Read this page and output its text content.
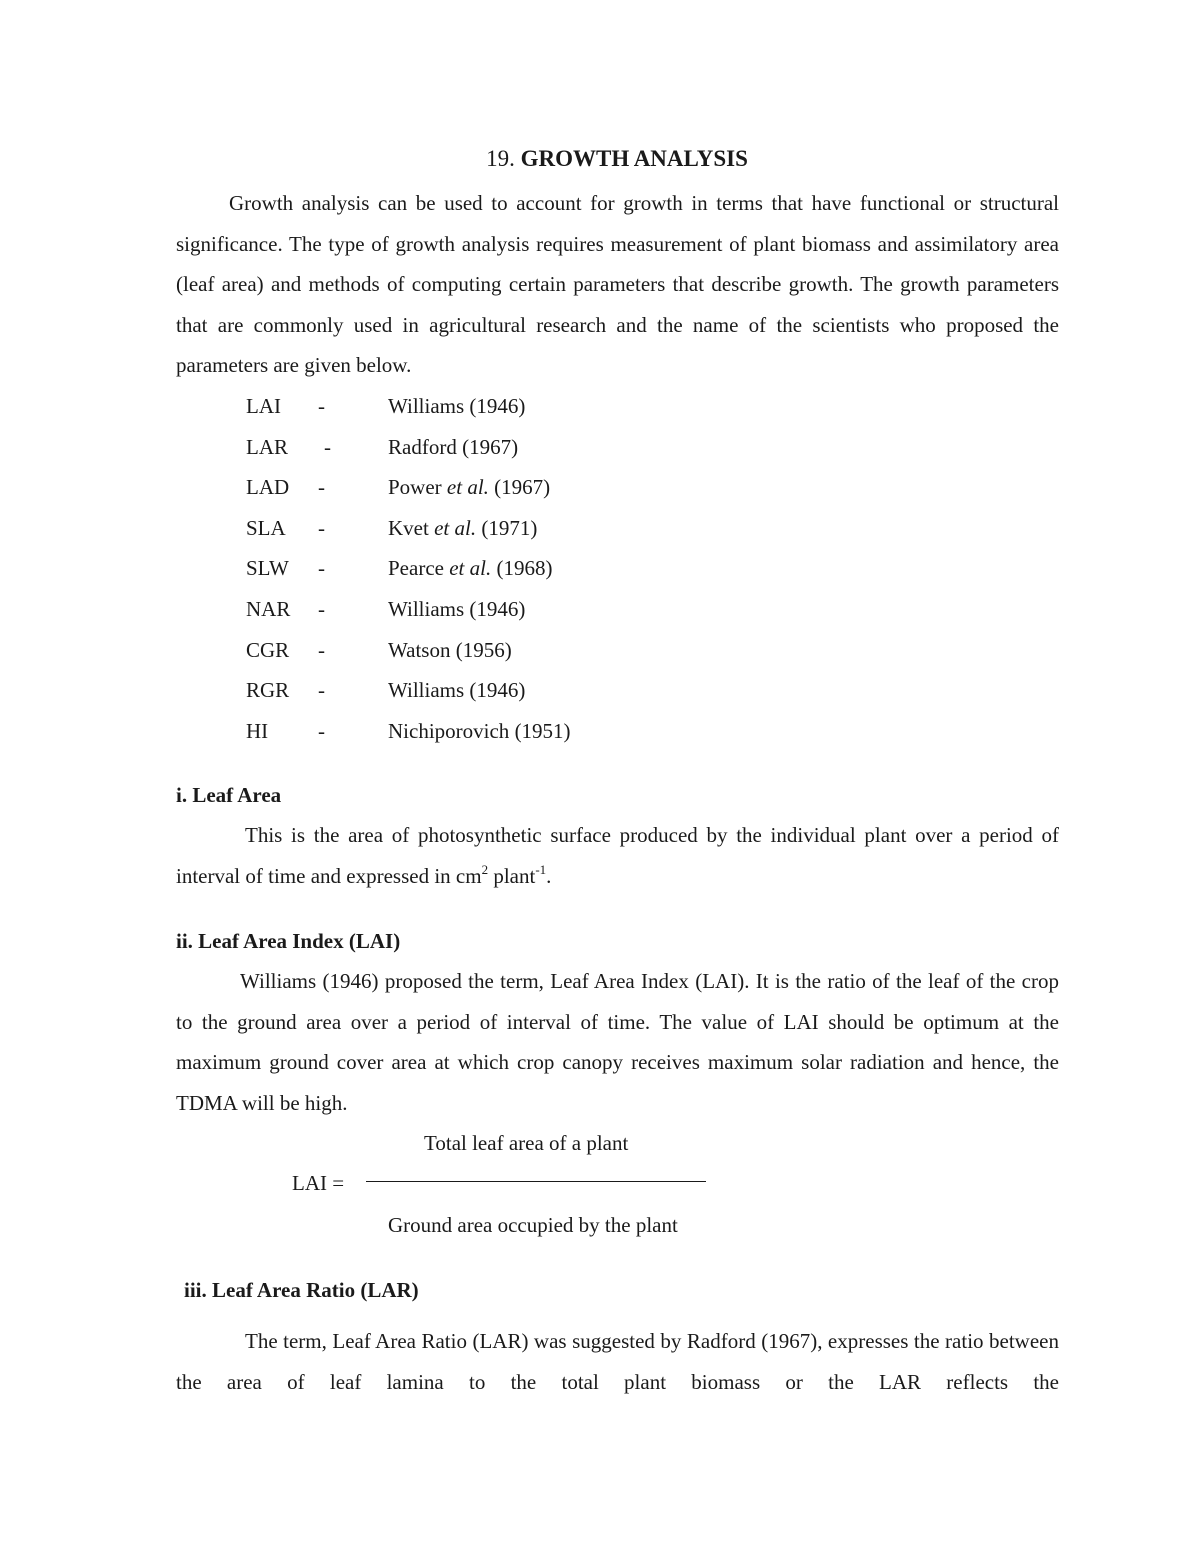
19. GROWTH ANALYSIS
Growth analysis can be used to account for growth in terms that have functional or structural significance. The type of growth analysis requires measurement of plant biomass and assimilatory area (leaf area) and methods of computing certain parameters that describe growth. The growth parameters that are commonly used in agricultural research and the name of the scientists who proposed the parameters are given below.
LAI -	Williams (1946)
LAR -	Radford (1967)
LAD -	Power et al. (1967)
SLA -	Kvet et al. (1971)
SLW -	Pearce et al. (1968)
NAR -	Williams (1946)
CGR -	Watson (1956)
RGR -	Williams (1946)
HI -	Nichiporovich (1951)
i. Leaf Area
This is the area of photosynthetic surface produced by the individual plant over a period of interval of time and expressed in $cm^2$ plant$^{-1}$.
ii. Leaf Area Index (LAI)
Williams (1946) proposed the term, Leaf Area Index (LAI). It is the ratio of the leaf of the crop to the ground area over a period of interval of time. The value of LAI should be optimum at the maximum ground cover area at which crop canopy receives maximum solar radiation and hence, the TDMA will be high.
Total leaf area of a plant
LAI =
Ground area occupied by the plant
iii. Leaf Area Ratio (LAR)
The term, Leaf Area Ratio (LAR) was suggested by Radford (1967), expresses the ratio between the area of leaf lamina to the total plant biomass or the LAR reflects the
